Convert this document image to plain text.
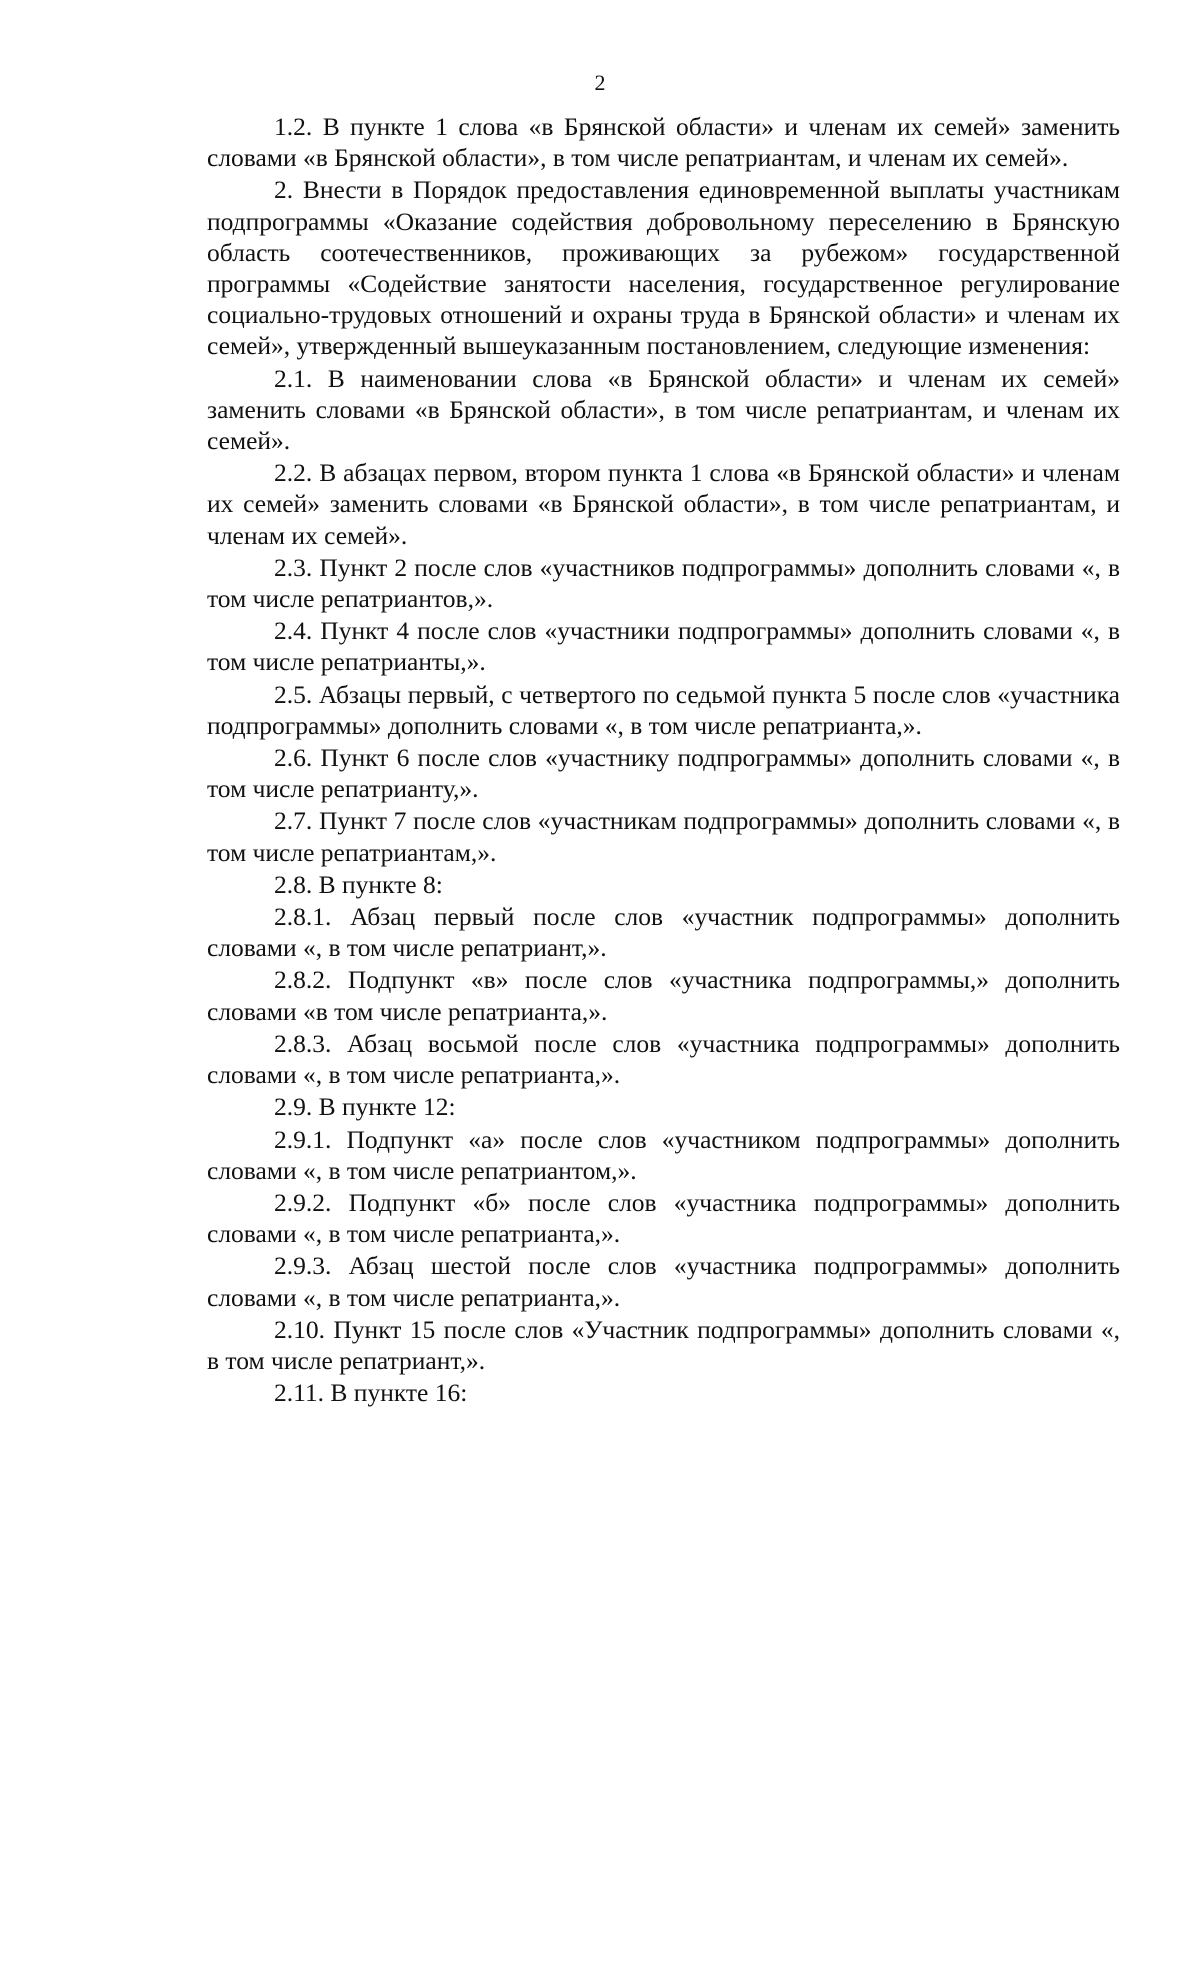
2

1.2. В пункте 1 слова «в Брянской области» и членам их семей» заменить словами «в Брянской области», в том числе репатриантам, и членам их семей».

2. Внести в Порядок предоставления единовременной выплаты участникам подпрограммы «Оказание содействия добровольному переселению в Брянскую область соотечественников, проживающих за рубежом» государственной программы «Содействие занятости населения, государственное регулирование социально-трудовых отношений и охраны труда в Брянской области» и членам их семей», утвержденный вышеуказанным постановлением, следующие изменения:

2.1. В наименовании слова «в Брянской области» и членам их семей» заменить словами «в Брянской области», в том числе репатриантам, и членам их семей».

2.2. В абзацах первом, втором пункта 1 слова «в Брянской области» и членам их семей» заменить словами «в Брянской области», в том числе репатриантам, и членам их семей».

2.3. Пункт 2 после слов «участников подпрограммы» дополнить словами «, в том числе репатриантов,».

2.4. Пункт 4 после слов «участники подпрограммы» дополнить словами «, в том числе репатрианты,».

2.5. Абзацы первый, с четвертого по седьмой пункта 5 после слов «участника подпрограммы» дополнить словами «, в том числе репатрианта,».

2.6. Пункт 6 после слов «участнику подпрограммы» дополнить словами «, в том числе репатрианту,».

2.7. Пункт 7 после слов «участникам подпрограммы» дополнить словами «, в том числе репатриантам,».

2.8. В пункте 8:

2.8.1. Абзац первый после слов «участник подпрограммы» дополнить словами «, в том числе репатриант,».

2.8.2. Подпункт «в» после слов «участника подпрограммы,» дополнить словами «в том числе репатрианта,».

2.8.3. Абзац восьмой после слов «участника подпрограммы» дополнить словами «, в том числе репатрианта,».

2.9. В пункте 12:

2.9.1. Подпункт «а» после слов «участником подпрограммы» дополнить словами «, в том числе репатриантом,».

2.9.2. Подпункт «б» после слов «участника подпрограммы» дополнить словами «, в том числе репатрианта,».

2.9.3. Абзац шестой после слов «участника подпрограммы» дополнить словами «, в том числе репатрианта,».

2.10. Пункт 15 после слов «Участник подпрограммы» дополнить словами «, в том числе репатриант,».

2.11. В пункте 16:
